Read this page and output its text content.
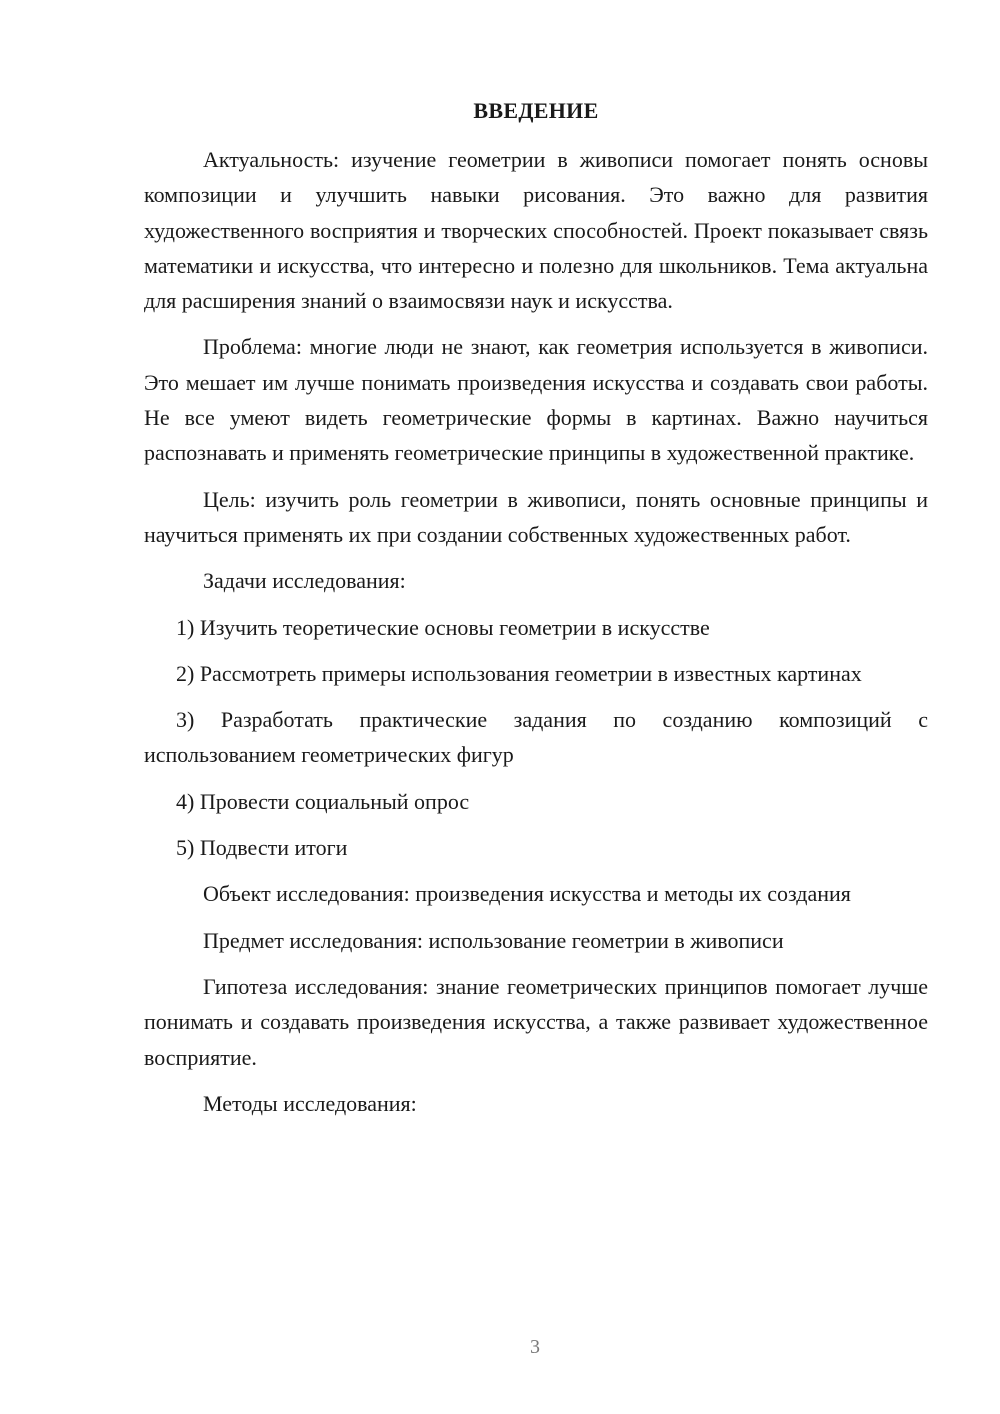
ВВЕДЕНИЕ

Актуальность: изучение геометрии в живописи помогает понять основы композиции и улучшить навыки рисования. Это важно для развития художественного восприятия и творческих способностей. Проект показывает связь математики и искусства, что интересно и полезно для школьников. Тема актуальна для расширения знаний о взаимосвязи наук и искусства.

Проблема: многие люди не знают, как геометрия используется в живописи. Это мешает им лучше понимать произведения искусства и создавать свои работы. Не все умеют видеть геометрические формы в картинах. Важно научиться распознавать и применять геометрические принципы в художественной практике.

Цель: изучить роль геометрии в живописи, понять основные принципы и научиться применять их при создании собственных художественных работ.

Задачи исследования:

1) Изучить теоретические основы геометрии в искусстве

2) Рассмотреть примеры использования геометрии в известных картинах

3) Разработать практические задания по созданию композиций с использованием геометрических фигур

4) Провести социальный опрос

5) Подвести итоги

Объект исследования: произведения искусства и методы их создания

Предмет исследования: использование геометрии в живописи

Гипотеза исследования: знание геометрических принципов помогает лучше понимать и создавать произведения искусства, а также развивает художественное восприятие.

Методы исследования:

3
